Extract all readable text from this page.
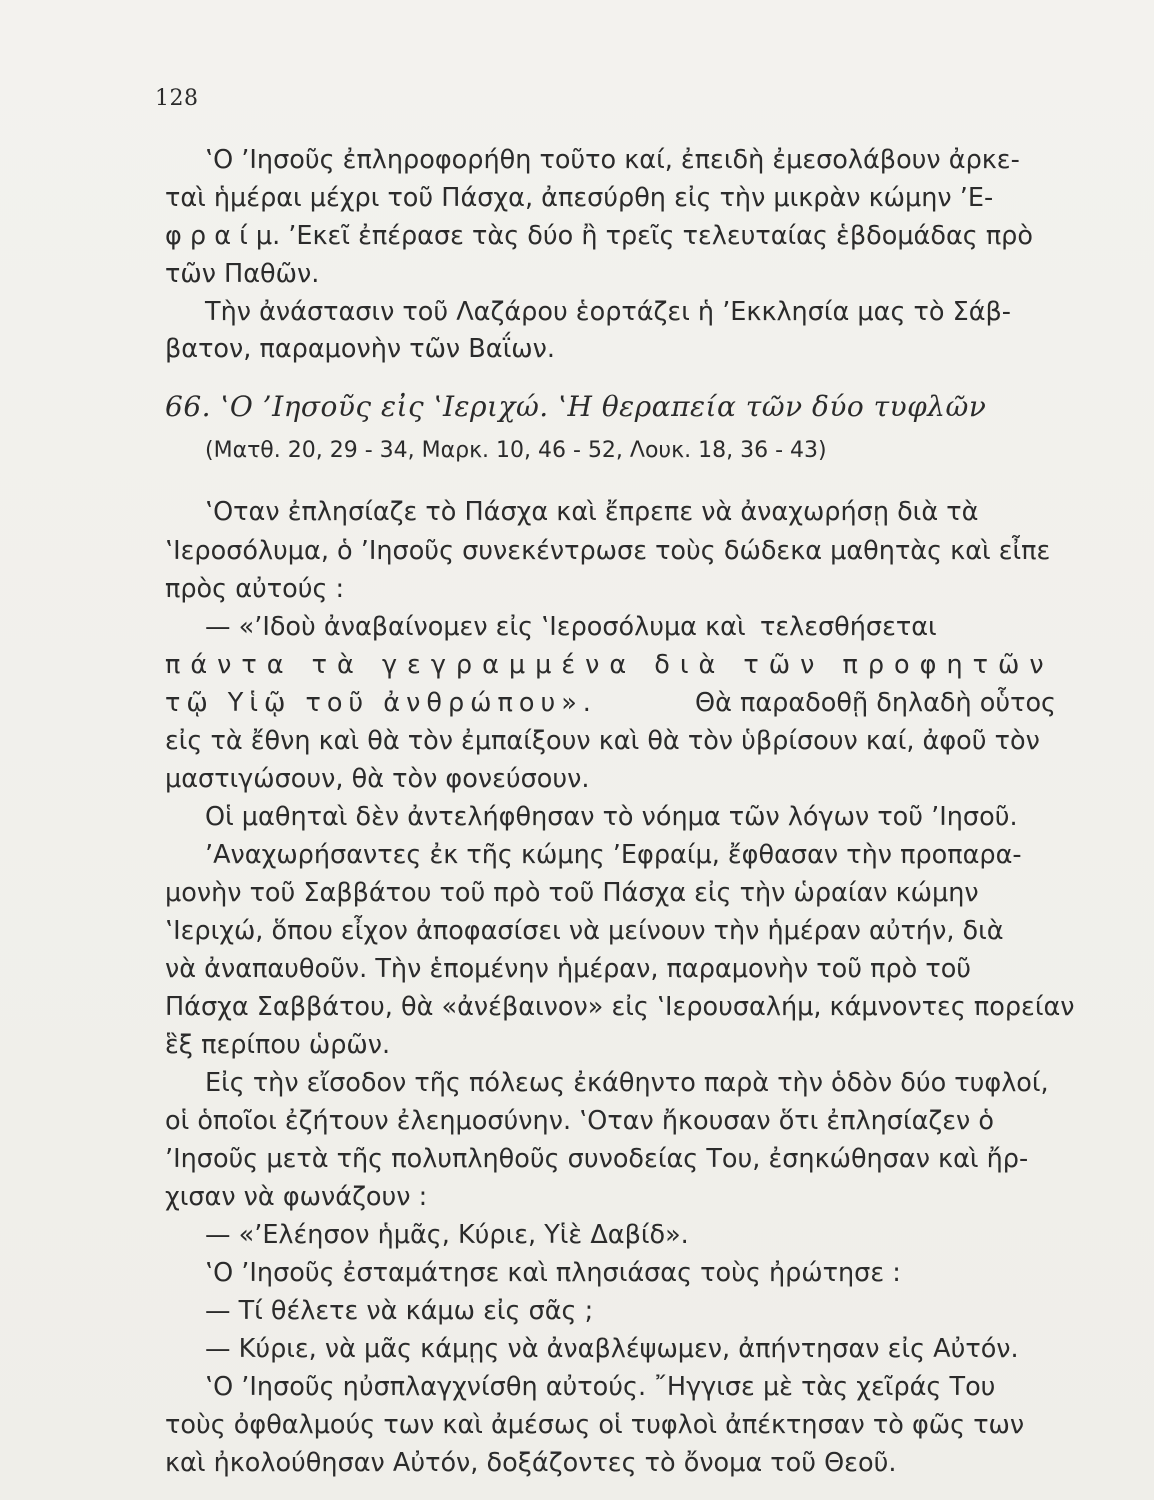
128
‛Ο ’Ιησοῦς ἐπληροφορήθη τοῦτο καί, ἐπειδὴ ἐμεσολάβουν ἀρκε-
ταὶ ἡμέραι μέχρι τοῦ Πάσχα, ἀπεσύρθη εἰς τὴν μικρὰν κώμην ’Ε-
φ ρ α ί μ. ’Εκεῖ ἐπέρασε τὰς δύο ἢ τρεῖς τελευταίας ἑβδομάδας πρὸ
τῶν Παθῶν.
Τὴν ἀνάστασιν τοῦ Λαζάρου ἑορτάζει ἡ ’Εκκλησία μας τὸ Σάβ-
βατον, παραμονὴν τῶν Βαΐων.
66. ‛Ο ’Ιησοῦς εἰς ‛Ιεριχώ. ‛Η θεραπεία τῶν δύο τυφλῶν
(Ματθ. 20, 29 - 34, Μαρκ. 10, 46 - 52, Λουκ. 18, 36 - 43)
‛Οταν ἐπλησίαζε τὸ Πάσχα καὶ ἔπρεπε νὰ ἀναχωρήσῃ διὰ τὰ
‛Ιεροσόλυμα, ὁ ’Ιησοῦς συνεκέντρωσε τοὺς δώδεκα μαθητὰς καὶ εἶπε
πρὸς αὐτούς :
— «’Ιδοὺ ἀναβαίνομεν εἰς ‛Ιεροσόλυμα καὶ τελεσθήσεται
πάντα τὰ γεγραμμένα διὰ τῶν προφητῶν
τῷ Υἱῷ τοῦ ἀνθρώπου».	Θὰ παραδοθῇ δηλαδὴ οὗτος
εἰς τὰ ἔθνη καὶ θὰ τὸν ἐμπαίξουν καὶ θὰ τὸν ὑβρίσουν καί, ἀφοῦ τὸν
μαστιγώσουν, θὰ τὸν φονεύσουν.
Οἱ μαθηταὶ δὲν ἀντελήφθησαν τὸ νόημα τῶν λόγων τοῦ ’Ιησοῦ.
’Αναχωρήσαντες ἐκ τῆς κώμης ’Εφραίμ, ἔφθασαν τὴν προπαρα-
μονὴν τοῦ Σαββάτου τοῦ πρὸ τοῦ Πάσχα εἰς τὴν ὡραίαν κώμην
‛Ιεριχώ, ὅπου εἶχον ἀποφασίσει νὰ μείνουν τὴν ἡμέραν αὐτήν, διὰ
νὰ ἀναπαυθοῦν. Τὴν ἑπομένην ἡμέραν, παραμονὴν τοῦ πρὸ τοῦ
Πάσχα Σαββάτου, θὰ «ἀνέβαινον» εἰς ‛Ιερουσαλήμ, κάμνοντες πορείαν
ἓξ περίπου ὡρῶν.
Εἰς τὴν εἴσοδον τῆς πόλεως ἐκάθηντο παρὰ τὴν ὁδὸν δύο τυφλοί,
οἱ ὁποῖοι ἐζήτουν ἐλεημοσύνην. ‛Οταν ἤκουσαν ὅτι ἐπλησίαζεν ὁ
’Ιησοῦς μετὰ τῆς πολυπληθοῦς συνοδείας Του, ἐσηκώθησαν καὶ ἤρ-
χισαν νὰ φωνάζουν :
— «’Ελέησον ἡμᾶς, Κύριε, Υἱὲ Δαβίδ».
‛Ο ’Ιησοῦς ἐσταμάτησε καὶ πλησιάσας τοὺς ἠρώτησε :
— Τί θέλετε νὰ κάμω εἰς σᾶς ;
— Κύριε, νὰ μᾶς κάμῃς νὰ ἀναβλέψωμεν, ἀπήντησαν εἰς Αὐτόν.
‛Ο ’Ιησοῦς ηὐσπλαγχνίσθη αὐτούς. ῎Ηγγισε μὲ τὰς χεῖράς Του
τοὺς ὀφθαλμούς των καὶ ἀμέσως οἱ τυφλοὶ ἀπέκτησαν τὸ φῶς των
καὶ ἠκολούθησαν Αὐτόν, δοξάζοντες τὸ ὄνομα τοῦ Θεοῦ.
